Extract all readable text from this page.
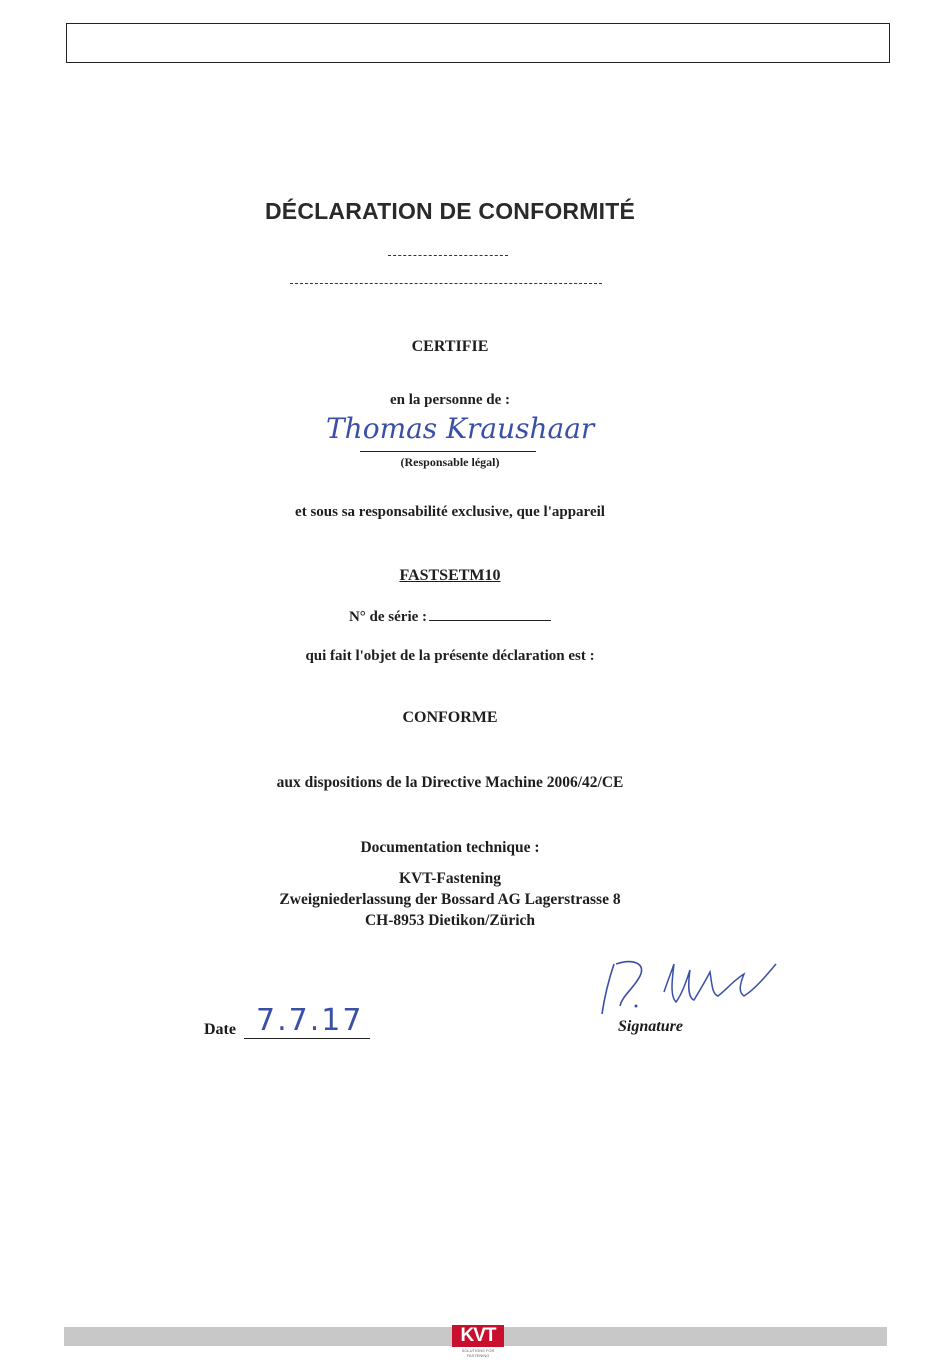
DÉCLARATION DE CONFORMITÉ
CERTIFIE
en la personne de :
Thomas Kraushaar
(Responsable légal)
et sous sa responsabilité exclusive, que l'appareil
FASTSETM10
N° de série :
qui fait l'objet de la présente déclaration est :
CONFORME
aux dispositions de la Directive Machine 2006/42/CE
Documentation technique :
KVT-Fastening
Zweigniederlassung der Bossard AG Lagerstrasse 8
CH-8953 Dietikon/Zürich
Date 7.7.17	Signature
KVT
SOLUTIONS FOR FASTENING
